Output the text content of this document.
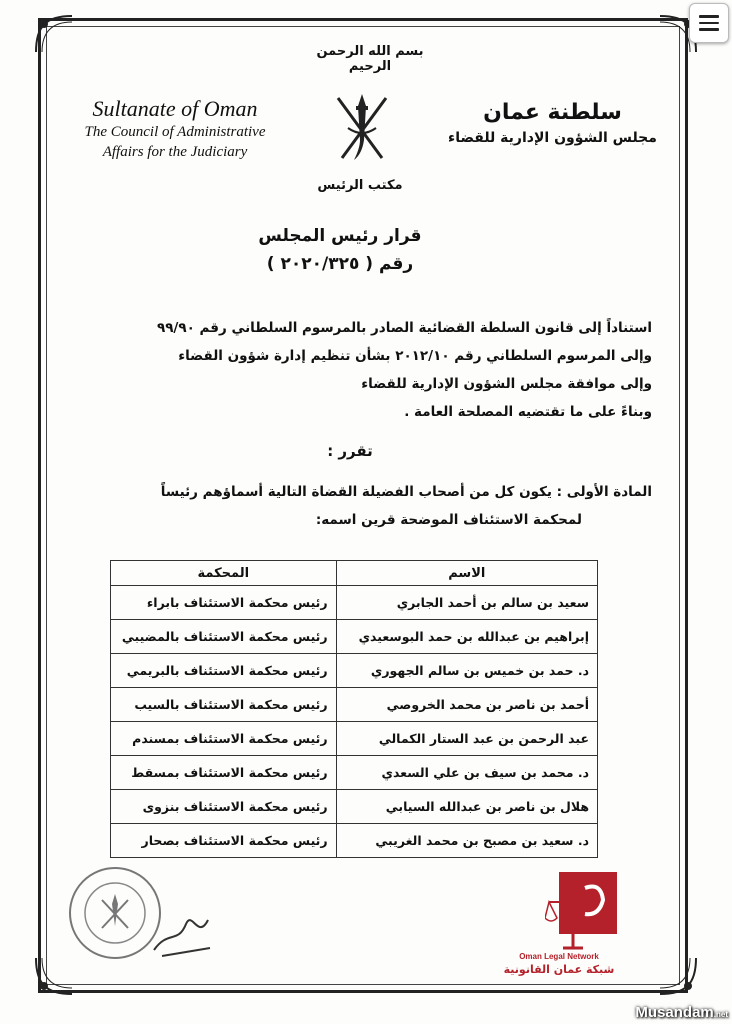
بسم الله الرحمن الرحيم
Sultanate of Oman
The Council of Administrative
Affairs for the Judiciary
مكتب الرئيس
سلطنة عمان
مجلس الشؤون الإدارية للقضاء
قرار رئيس المجلس
رقم ( ٢٠٢٠/٣٢٥ )
استناداً إلى قانون السلطة القضائية الصادر بالمرسوم السلطاني رقم ٩٩/٩٠
وإلى المرسوم السلطاني رقم ٢٠١٢/١٠ بشأن تنظيم إدارة شؤون القضاء
وإلى موافقة مجلس الشؤون الإدارية للقضاء
وبناءً على ما تقتضيه المصلحة العامة .
تقرر :
المادة الأولى : يكون كل من أصحاب الفضيلة القضاة التالية أسماؤهم رئيساً
لمحكمة الاستئناف الموضحة قرين اسمه:
الاسم	المحكمة
سعيد بن سالم بن أحمد الجابري	رئيس محكمة الاستئناف بابراء
إبراهيم بن عبدالله بن حمد البوسعيدي	رئيس محكمة الاستئناف بالمضيبي
د. حمد بن خميس بن سالم الجهوري	رئيس محكمة الاستئناف بالبريمي
أحمد بن ناصر بن محمد الخروصي	رئيس محكمة الاستئناف بالسيب
عبد الرحمن بن عبد الستار الكمالي	رئيس محكمة الاستئناف بمسندم
د. محمد بن سيف بن علي السعدي	رئيس محكمة الاستئناف بمسقط
هلال بن ناصر بن عبدالله السيابي	رئيس محكمة الاستئناف بنزوى
د. سعيد بن مصبح بن محمد الغريبي	رئيس محكمة الاستئناف بصحار
Oman Legal Network
شبكة عمان القانونية
Musandam.net
